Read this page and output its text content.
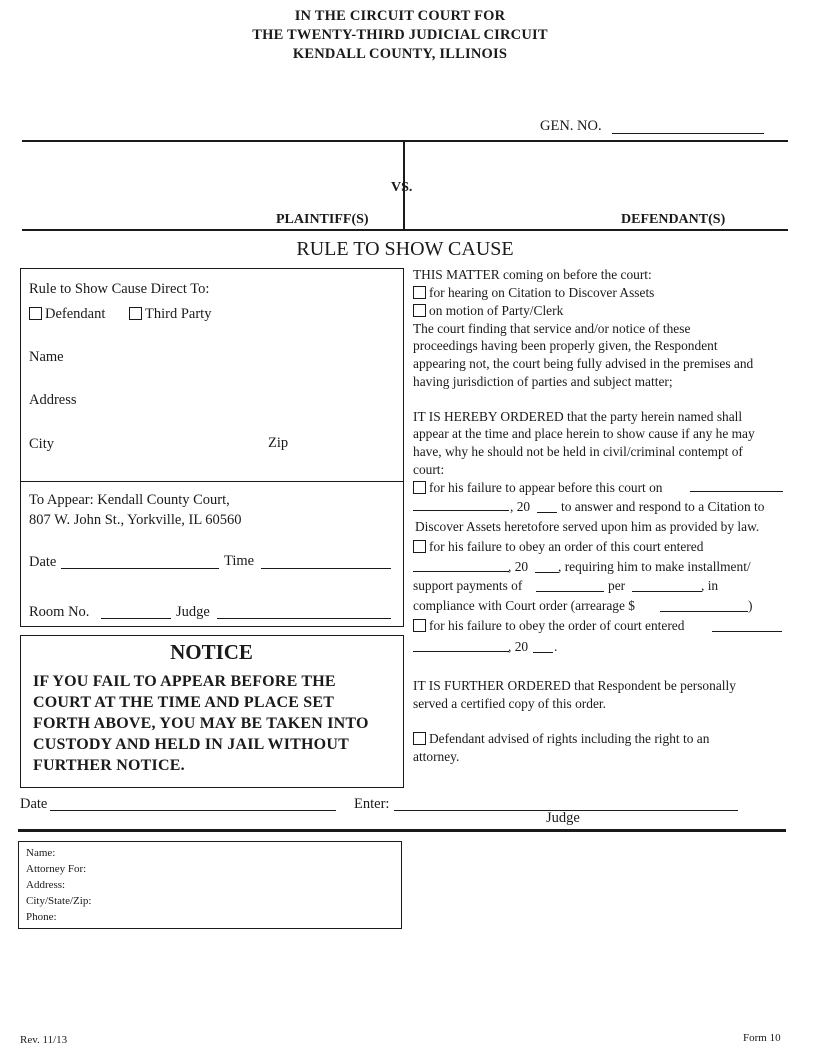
IN THE CIRCUIT COURT FOR
THE TWENTY-THIRD JUDICIAL CIRCUIT
KENDALL COUNTY, ILLINOIS
GEN. NO.
VS.
PLAINTIFF(S)	DEFENDANT(S)
RULE TO SHOW CAUSE
Rule to Show Cause Direct To:
Defendant	Third Party
Name
Address
City	Zip
To Appear: Kendall County Court,
807 W. John St., Yorkville, IL 60560
Date	Time
Room No.	Judge
NOTICE
IF YOU FAIL TO APPEAR BEFORE THE
COURT AT THE TIME AND PLACE SET
FORTH ABOVE, YOU MAY BE TAKEN INTO
CUSTODY AND HELD IN JAIL WITHOUT
FURTHER NOTICE.
THIS MATTER coming on before the court:
for hearing on Citation to Discover Assets
on motion of Party/Clerk
The court finding that service and/or notice of these
proceedings having been properly given, the Respondent
appearing not, the court being fully advised in the premises and
having jurisdiction of parties and subject matter;
IT IS HEREBY ORDERED that the party herein named shall
appear at the time and place herein to show cause if any he may
have, why he should not be held in civil/criminal contempt of
court:
for his failure to appear before this court on
, 20 to answer and respond to a Citation to
Discover Assets heretofore served upon him as provided by law.
for his failure to obey an order of this court entered
, 20 , requiring him to make installment/
support payments of	per	, in
compliance with Court order (arrearage $	)
for his failure to obey the order of court entered
, 20 .
IT IS FURTHER ORDERED that Respondent be personally
served a certified copy of this order.
Defendant advised of rights including the right to an
attorney.
Date	Enter:
Judge
Name:
Attorney For:
Address:
City/State/Zip:
Phone:
Rev. 11/13	Form 10
